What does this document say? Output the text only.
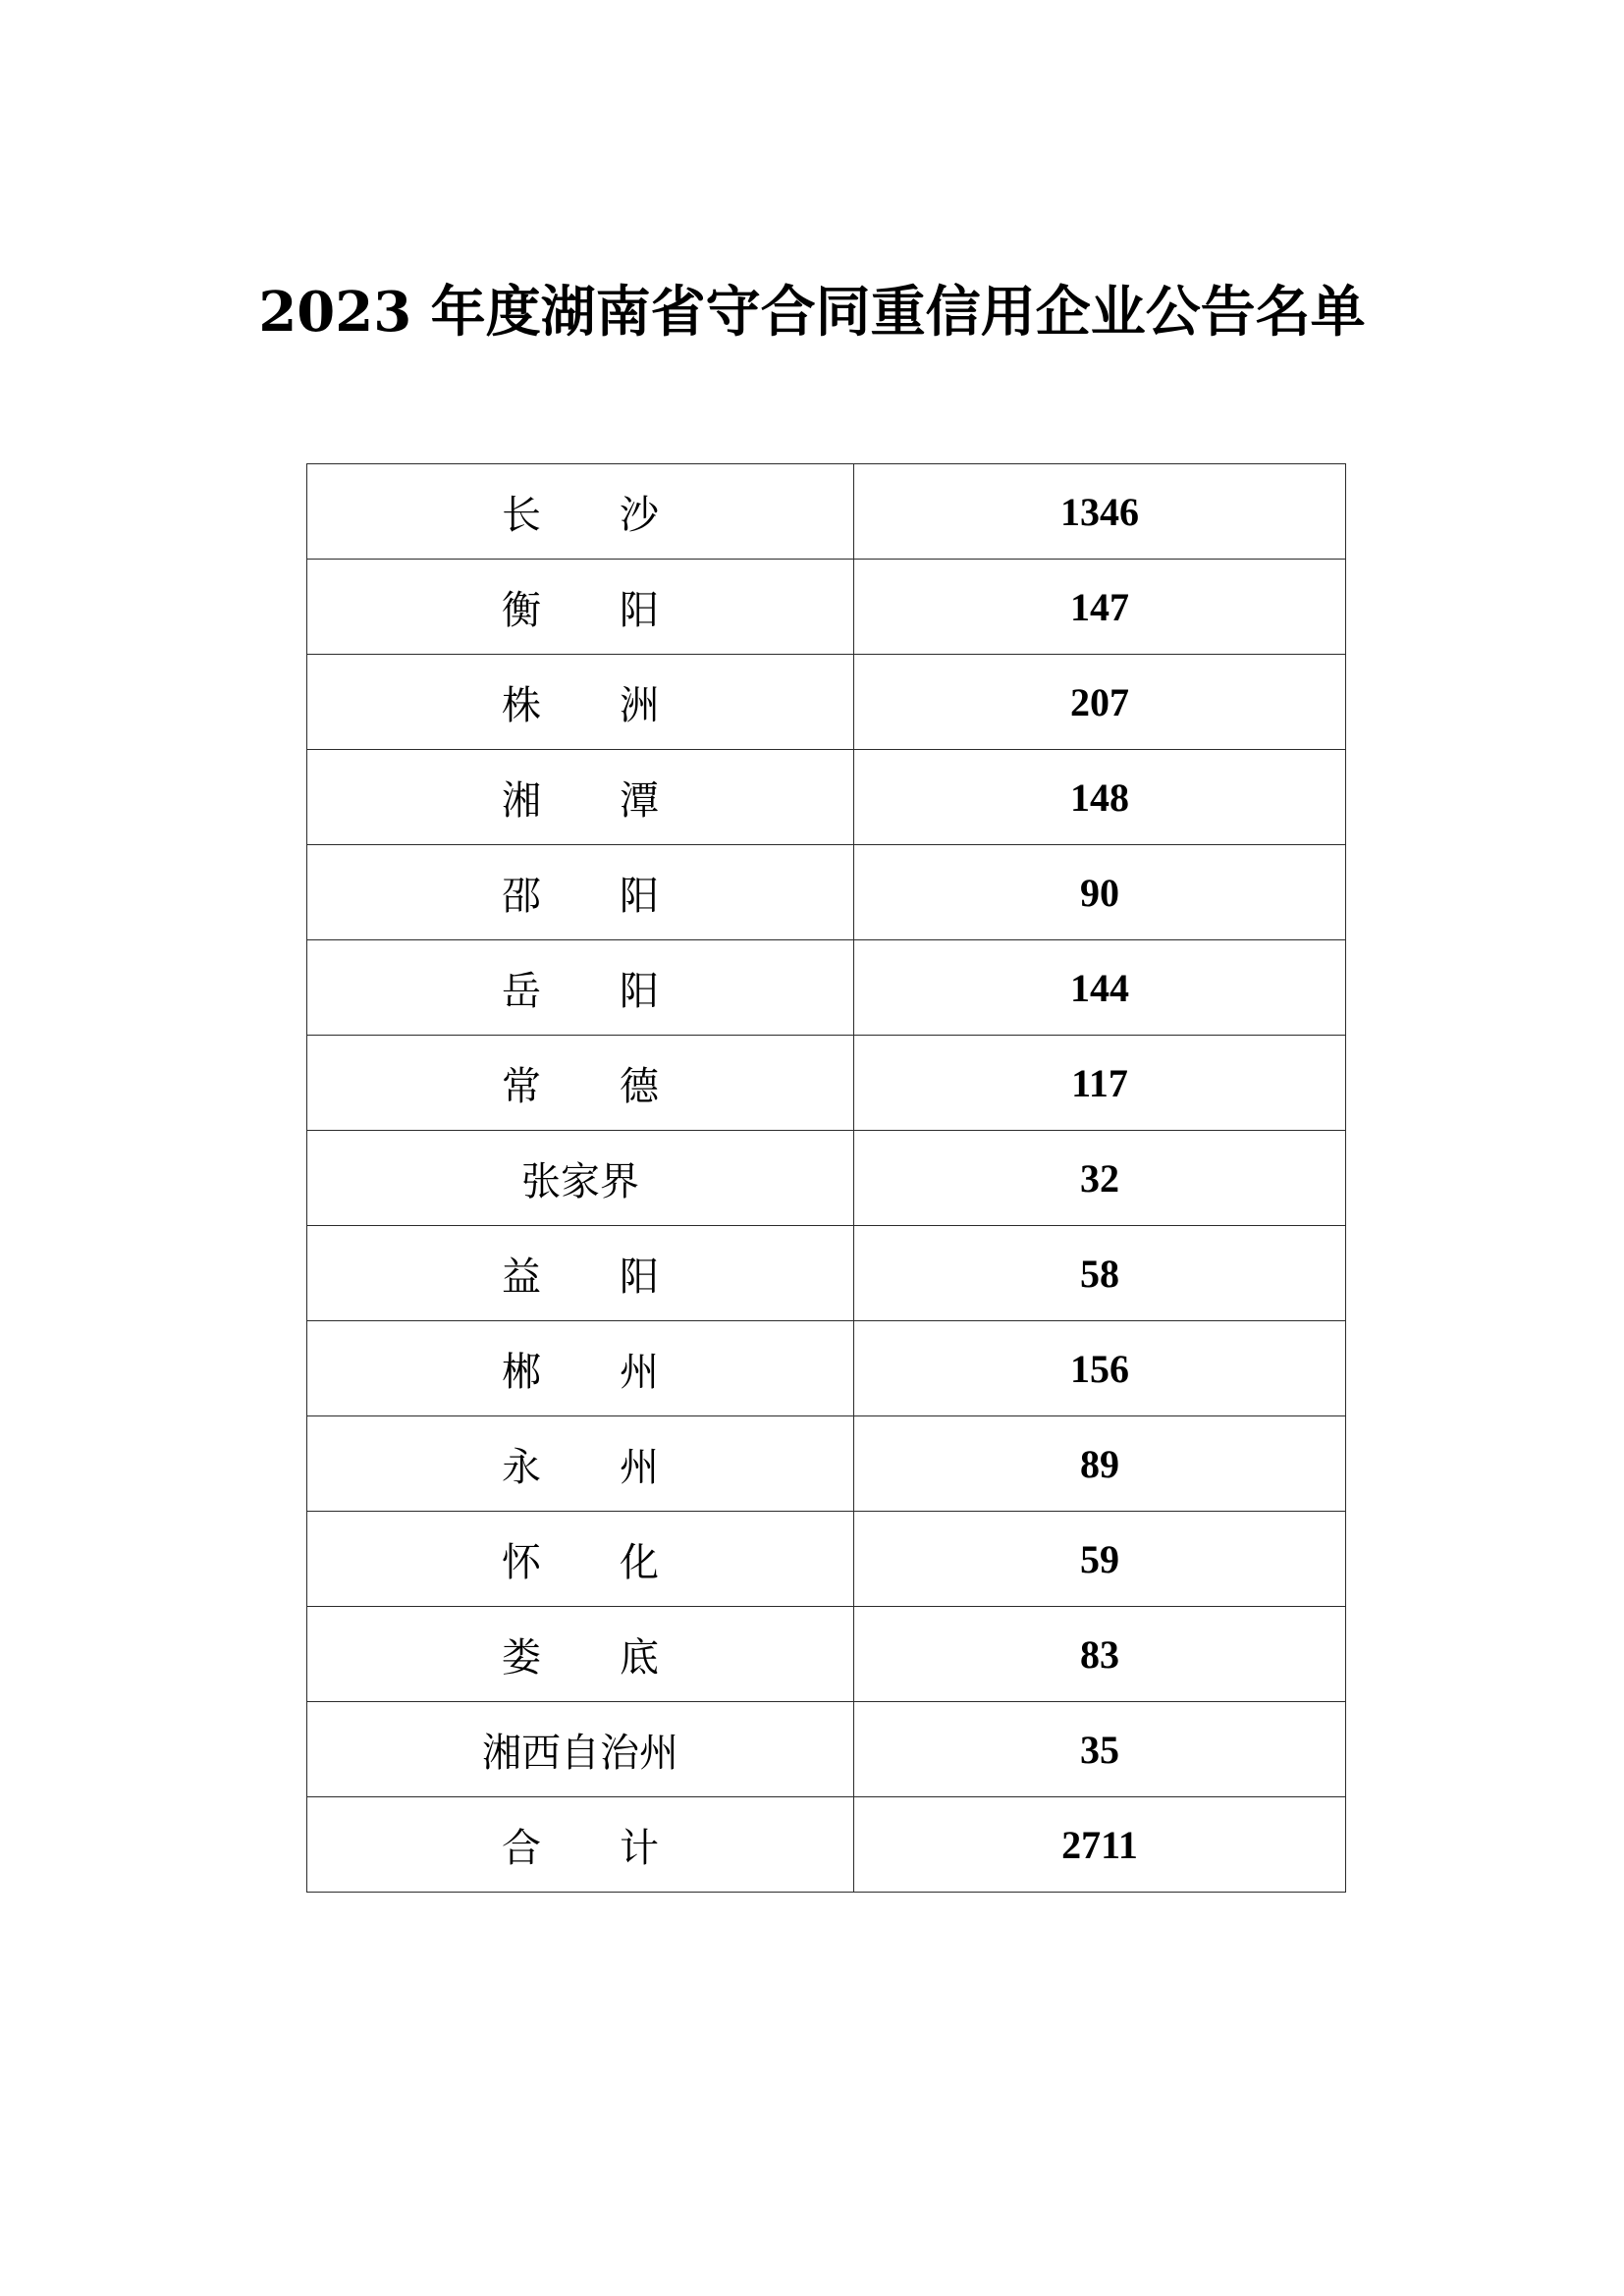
2023 年度湖南省守合同重信用企业公告名单
长　　沙	1346
衡　　阳	147
株　　洲	207
湘　　潭	148
邵　　阳	90
岳　　阳	144
常　　德	117
张家界	32
益　　阳	58
郴　　州	156
永　　州	89
怀　　化	59
娄　　底	83
湘西自治州	35
合　　计	2711
